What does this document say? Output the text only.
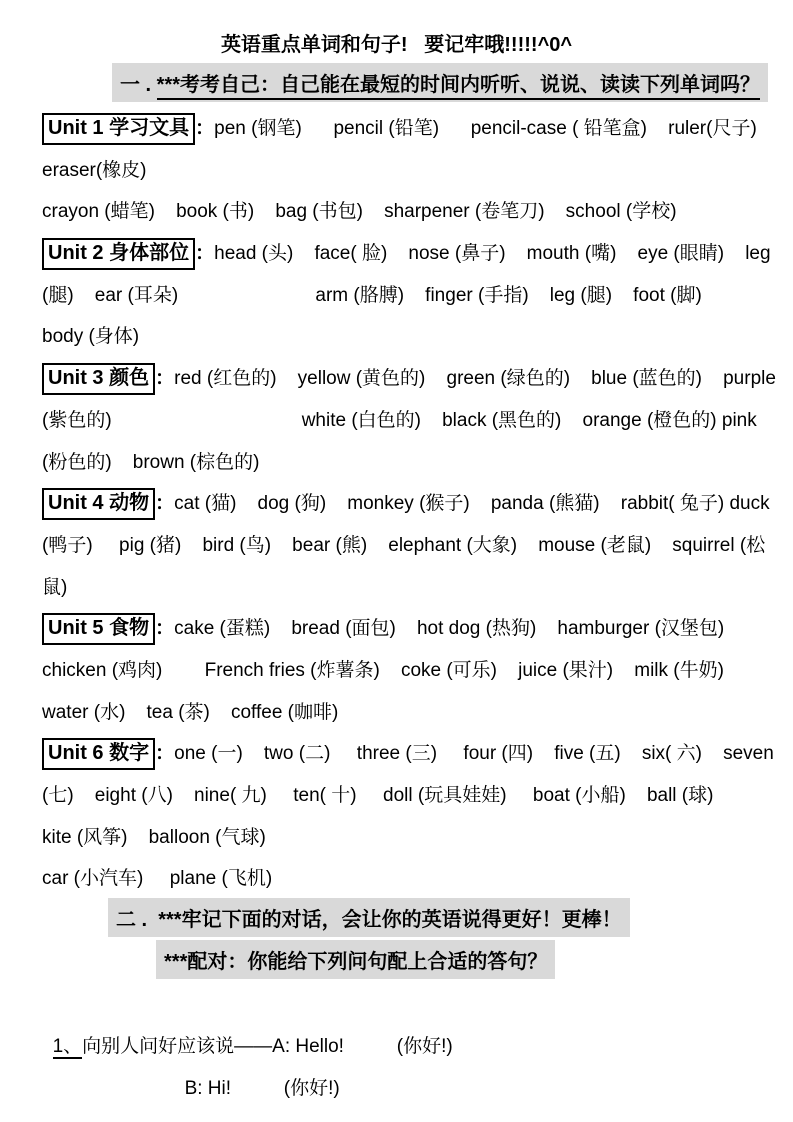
英语重点单词和句子!   要记牢哦!!!!!^0^
一 . ***考考自己：自己能在最短的时间内听听、说说、读读下列单词吗？
Unit 1 学习文具 ：pen (钢笔)      pencil (铅笔)      pencil-case ( 铅笔盒)    ruler(尺子)
eraser(橡皮)
crayon (蜡笔)    book (书)    bag (书包)    sharpener (卷笔刀)    school (学校)
Unit 2 身体部位 ：head (头)    face( 脸)    nose (鼻子)    mouth (嘴)    eye (眼睛)    leg
(腿)    ear (耳朵)                          arm (胳膊)    finger (手指)    leg (腿)    foot (脚)
body (身体)
Unit 3 颜色 ：red (红色的)    yellow (黄色的)    green (绿色的)    blue (蓝色的)    purple
(紫色的)                                    white (白色的)    black (黑色的)    orange (橙色的) pink
(粉色的)    brown (棕色的)
Unit 4 动物 ：cat (猫)    dog (狗)    monkey (猴子)    panda (熊猫)    rabbit( 兔子) duck
(鸭子)     pig (猪)    bird (鸟)    bear (熊)    elephant (大象)    mouse (老鼠)    squirrel (松
鼠)
Unit 5 食物 ：cake (蛋糕)    bread (面包)    hot dog (热狗)    hamburger (汉堡包)
chicken (鸡肉)        French fries (炸薯条)    coke (可乐)    juice (果汁)    milk (牛奶)
water (水)    tea (茶)    coffee (咖啡)
Unit 6 数字 ：one (一)    two (二)     three (三)     four (四)    five (五)    six( 六)    seven
(七)    eight (八)    nine( 九)     ten( 十)     doll (玩具娃娃)     boat (小船)    ball (球)
kite (风筝)    balloon (气球)
car (小汽车)     plane (飞机)
二 .  ***牢记下面的对话，会让你的英语说得更好！更棒！
***配对：你能给下列问句配上合适的答句？

1、向别人问好应该说——A: Hello!          (你好!)

B: Hi!          (你好!)
